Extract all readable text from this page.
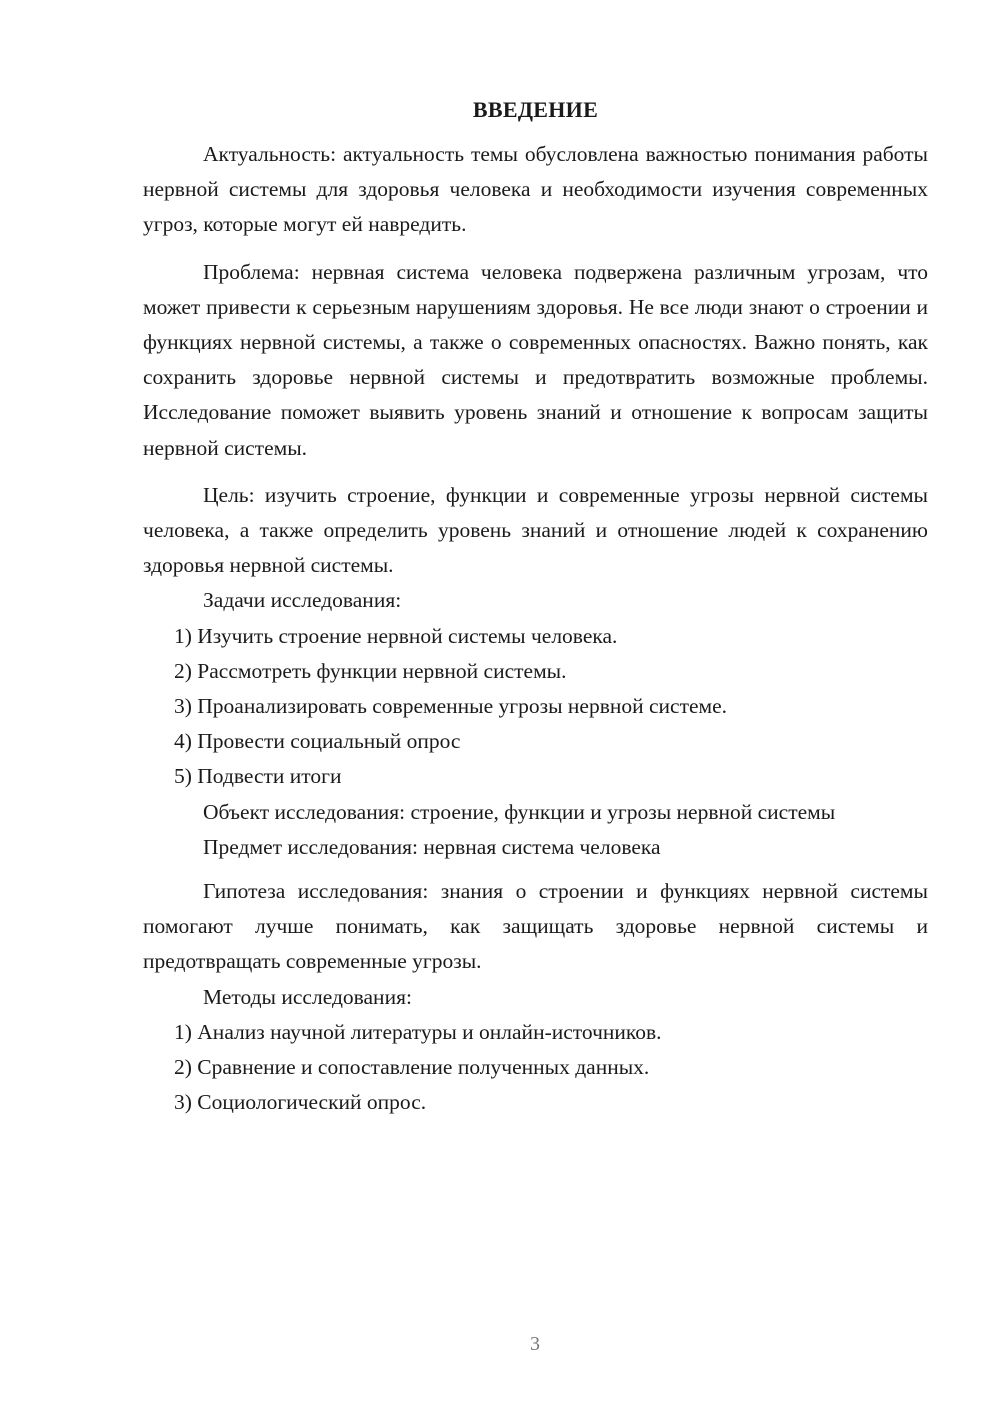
ВВЕДЕНИЕ

Актуальность: актуальность темы обусловлена важностью понимания работы нервной системы для здоровья человека и необходимости изучения современных угроз, которые могут ей навредить.

Проблема: нервная система человека подвержена различным угрозам, что может привести к серьезным нарушениям здоровья. Не все люди знают о строении и функциях нервной системы, а также о современных опасностях. Важно понять, как сохранить здоровье нервной системы и предотвратить возможные проблемы. Исследование поможет выявить уровень знаний и отношение к вопросам защиты нервной системы.

Цель: изучить строение, функции и современные угрозы нервной системы человека, а также определить уровень знаний и отношение людей к сохранению здоровья нервной системы.

Задачи исследования:

1) Изучить строение нервной системы человека.

2) Рассмотреть функции нервной системы.

3) Проанализировать современные угрозы нервной системе.

4) Провести социальный опрос

5) Подвести итоги

Объект исследования: строение, функции и угрозы нервной системы

Предмет исследования: нервная система человека

Гипотеза исследования: знания о строении и функциях нервной системы помогают лучше понимать, как защищать здоровье нервной системы и предотвращать современные угрозы.

Методы исследования:

1) Анализ научной литературы и онлайн-источников.

2) Сравнение и сопоставление полученных данных.

3) Социологический опрос.

3
